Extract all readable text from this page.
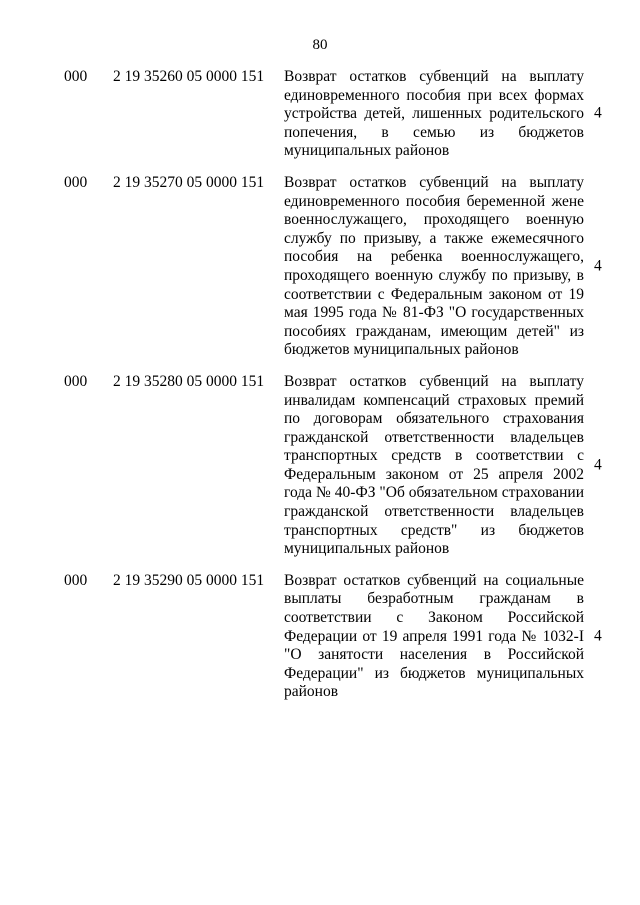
80
000 2 19 35260 05 0000 151 Возврат остатков субвенций на выплату единовременного пособия при всех формах устройства детей, лишенных родительского попечения, в семью из бюджетов муниципальных районов
4
000 2 19 35270 05 0000 151 Возврат остатков субвенций на выплату единовременного пособия беременной жене военнослужащего, проходящего военную службу по призыву, а также ежемесячного пособия на ребенка военнослужащего, проходящего военную службу по призыву, в соответствии с Федеральным законом от 19 мая 1995 года № 81-ФЗ "О государственных пособиях гражданам, имеющим детей" из бюджетов муниципальных районов
4
000 2 19 35280 05 0000 151 Возврат остатков субвенций на выплату инвалидам компенсаций страховых премий по договорам обязательного страхования гражданской ответственности владельцев транспортных средств в соответствии с Федеральным законом от 25 апреля 2002 года № 40-ФЗ "Об обязательном страховании гражданской ответственности владельцев транспортных средств" из бюджетов муниципальных районов
4
000 2 19 35290 05 0000 151 Возврат остатков субвенций на социальные выплаты безработным гражданам в соответствии с Законом Российской Федерации от 19 апреля 1991 года № 1032-I "О занятости населения в Российской Федерации" из бюджетов муниципальных районов
4
